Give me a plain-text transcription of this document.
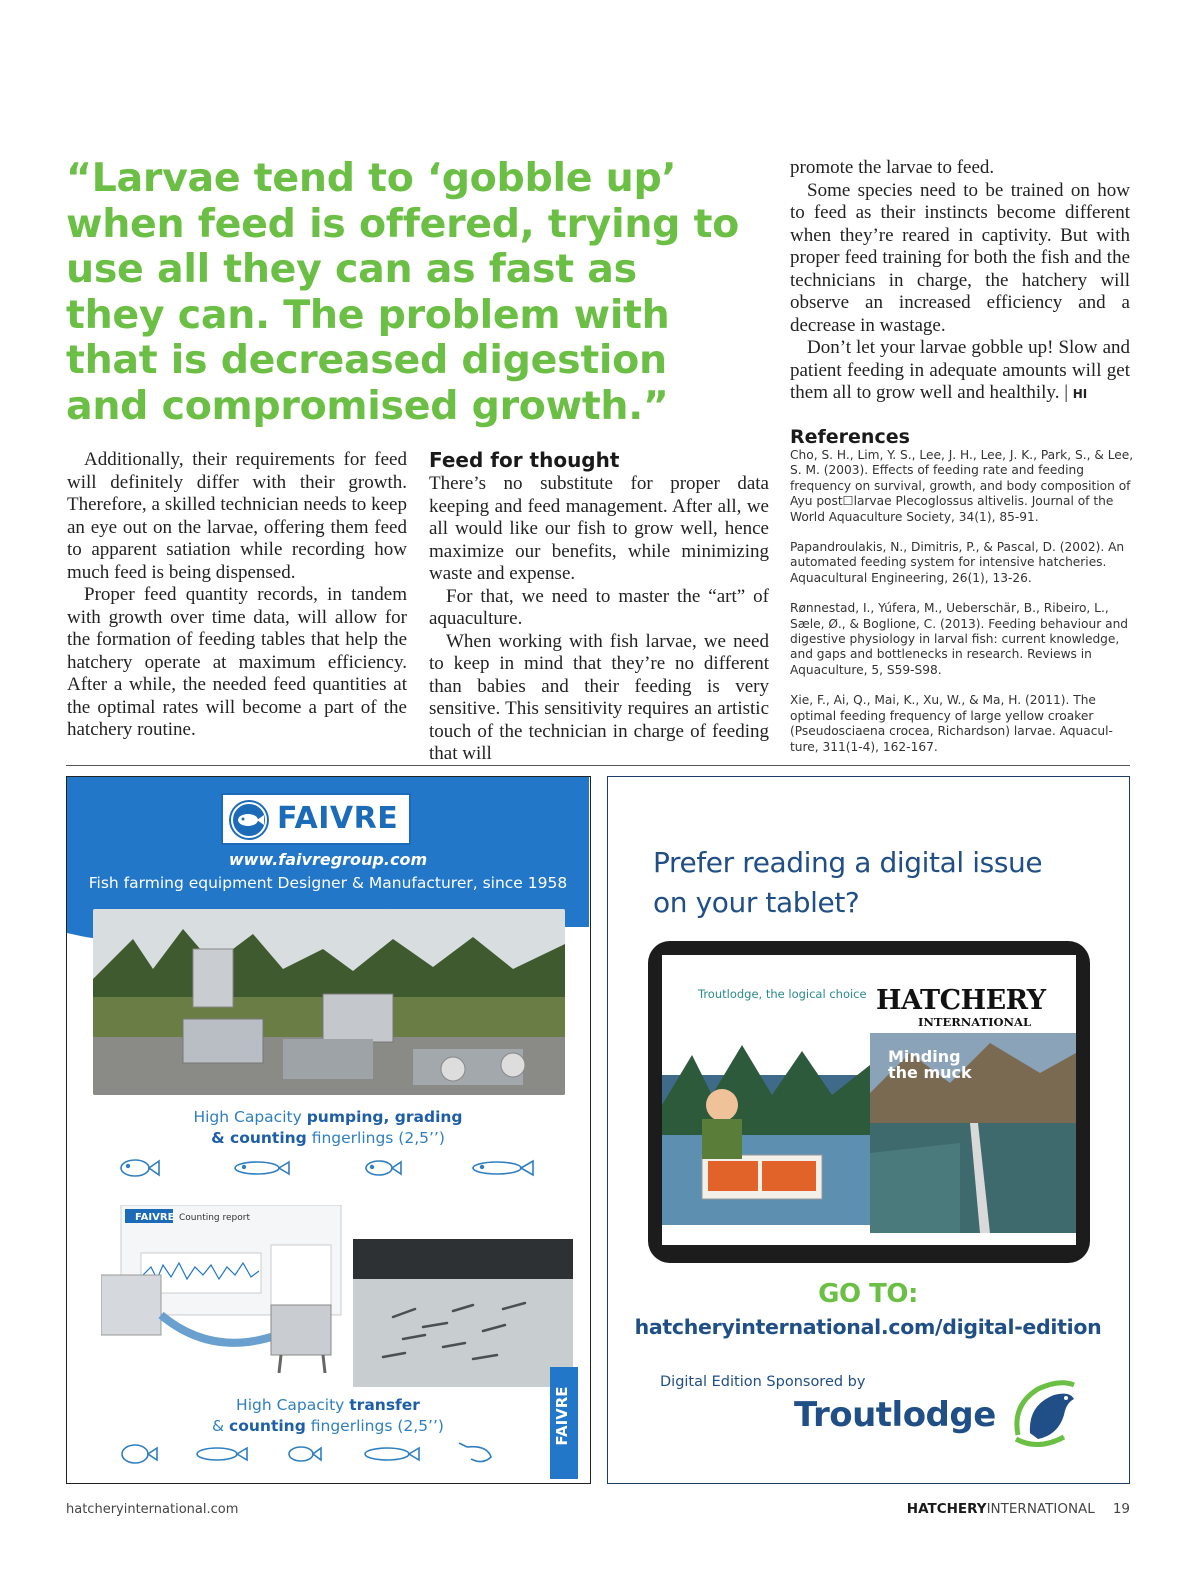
“Larvae tend to ‘gobble up’ when feed is offered, trying to use all they can as fast as they can. The problem with that is decreased digestion and compromised growth.”

Additionally, their requirements for feed will definitely differ with their growth. Therefore, a skilled technician needs to keep an eye out on the larvae, offering them feed to apparent satiation while recording how much feed is being dispensed.

Proper feed quantity records, in tandem with growth over time data, will allow for the formation of feeding tables that help the hatchery operate at maximum efficiency. After a while, the needed feed quantities at the optimal rates will become a part of the hatchery routine.

Feed for thought

There’s no substitute for proper data keeping and feed management. After all, we all would like our fish to grow well, hence maximize our benefits, while minimizing waste and expense.

For that, we need to master the “art” of aquaculture.

When working with fish larvae, we need to keep in mind that they’re no different than babies and their feeding is very sensitive. This sensitivity requires an artistic touch of the technician in charge of feeding that will

promote the larvae to feed.

Some species need to be trained on how to feed as their instincts become different when they’re reared in captivity. But with proper feed training for both the fish and the technicians in charge, the hatchery will observe an increased efficiency and a decrease in wastage.

Don’t let your larvae gobble up! Slow and patient feeding in adequate amounts will get them all to grow well and healthily. | HI

References

Cho, S. H., Lim, Y. S., Lee, J. H., Lee, J. K., Park, S., & Lee, S. M. (2003). Effects of feeding rate and feeding frequency on survival, growth, and body composition of Ayu post☐larvae Plecoglossus altivelis. Journal of the World Aquaculture Society, 34(1), 85-91.

Papandroulakis, N., Dimitris, P., & Pascal, D. (2002). An automated feeding system for intensive hatcheries. Aquacultural Engineering, 26(1), 13-26.

Rønnestad, I., Yúfera, M., Ueberschär, B., Ribeiro, L., Sæle, Ø., & Boglione, C. (2013). Feeding behaviour and digestive physiology in larval fish: current knowledge, and gaps and bottlenecks in research. Reviews in Aquaculture, 5, S59-S98.

Xie, F., Ai, Q., Mai, K., Xu, W., & Ma, H. (2011). The optimal feeding frequency of large yellow croaker (Pseudosciaena crocea, Richardson) larvae. Aquacul-ture, 311(1-4), 162-167.

FAIVRE
www.faivregroup.com
Fish farming equipment Designer & Manufacturer, since 1958
High Capacity pumping, grading
& counting fingerlings (2,5’’)
FAIVRE Counting report
High Capacity transfer
& counting fingerlings (2,5’’)	FAIVRE
Prefer reading a digital issue
on your tablet?
Troutlodge, the logical choice HATCHERY
INTERNATIONAL
Minding
the muck
GO TO:
hatcheryinternational.com/digital-edition
Digital Edition Sponsored by
Troutlodge
hatcheryinternational.com	HATCHERYINTERNATIONAL 19
